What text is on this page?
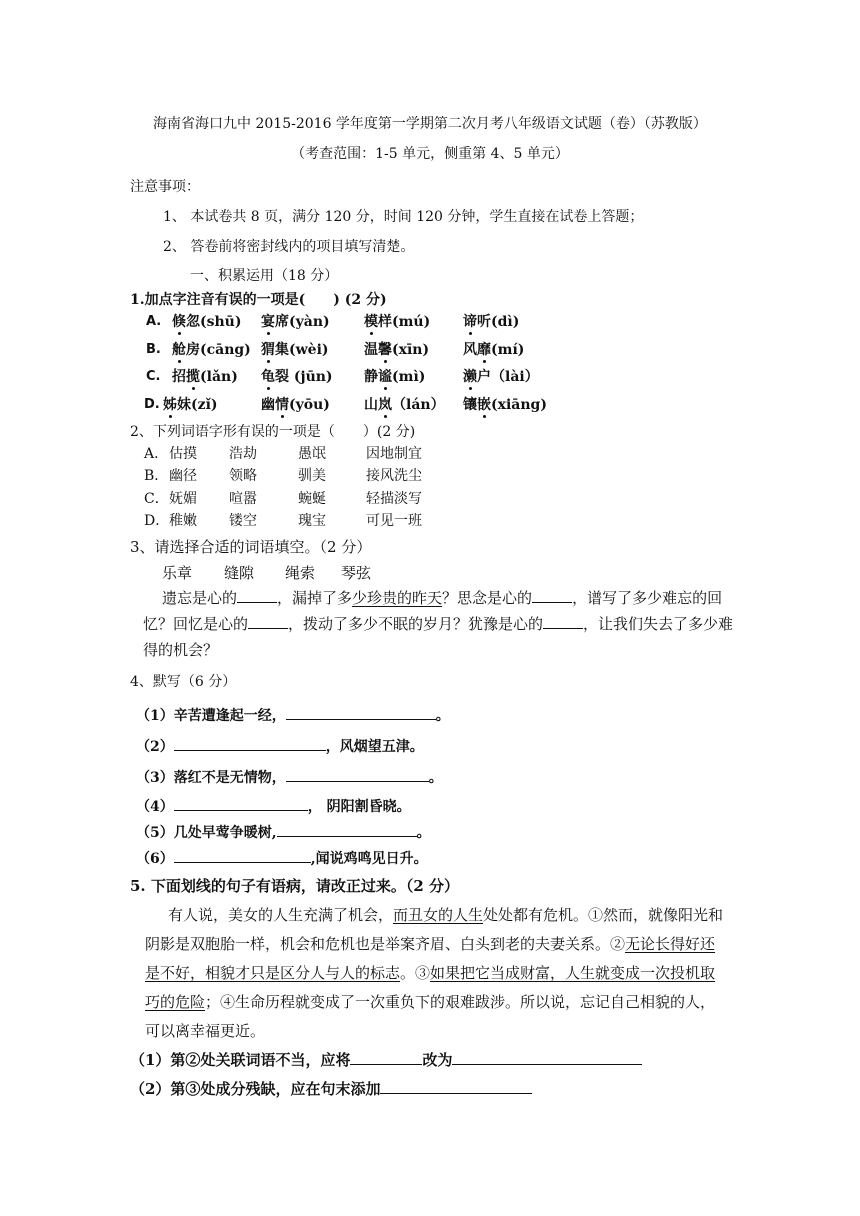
海南省海口九中 2015-2016 学年度第一学期第二次月考八年级语文试题（卷）（苏教版）
（考查范围：1-5 单元，侧重第 4、5 单元）
注意事项：
1、 本试卷共 8 页，满分 120 分，时间 120 分钟，学生直接在试卷上答题；
2、 答卷前将密封线内的项目填写清楚。
一、积累运用（18 分）
1.加点字注音有误的一项是(　　) (2 分)
A. 倏忽(shū) 宴席(yàn) 模样(mú) 谛听(dì)
B. 舱房(cāng) 猬集(wèi)	温馨(xīn) 风靡(mí)
C. 招揽(lǎn) 龟裂 (jūn) 静谧(mì)	濑户（lài）
D. 姊妹(zǐ)	幽情(yōu) 山岚（lán） 镶嵌(xiāng)
2、下列词语字形有误的一项是（　　）(2 分)
A． 估摸 浩劫	愚氓	因地制宜
B． 幽径 领略	驯美	接风洗尘
C． 妩媚 喧嚣	蜿蜒	轻描淡写
D． 稚嫩 镂空	瑰宝	可见一班
3、请选择合适的词语填空。（2 分）
乐章 缝隙 绳索 琴弦
遗忘是心的	，漏掉了多少珍贵的昨天？思念是心的	，谱写了多少难忘的回
忆？回忆是心的	，拨动了多少不眠的岁月？犹豫是心的	，让我们失去了多少难
得的机会？
4、默写（6 分）
（1）辛苦遭逢起一经，	。
（2）	，风烟望五津。
（3）落红不是无情物，	。
（4）	， 阴阳割昏晓。
（5）几处早莺争暖树,	。
（6）	,闻说鸡鸣见日升。
5. 下面划线的句子有语病，请改正过来。（2 分）
有人说，美女的人生充满了机会，而丑女的人生处处都有危机。①然而，就像阳光和
阴影是双胞胎一样，机会和危机也是举案齐眉、白头到老的夫妻关系。②无论长得好还
是不好，相貌才只是区分人与人的标志。③如果把它当成财富，人生就变成一次投机取
巧的危险；④生命历程就变成了一次重负下的艰难跋涉。所以说，忘记自己相貌的人，
可以离幸福更近。
（1）第②处关联词语不当，应将	改为
（2）第③处成分残缺，应在句末添加
